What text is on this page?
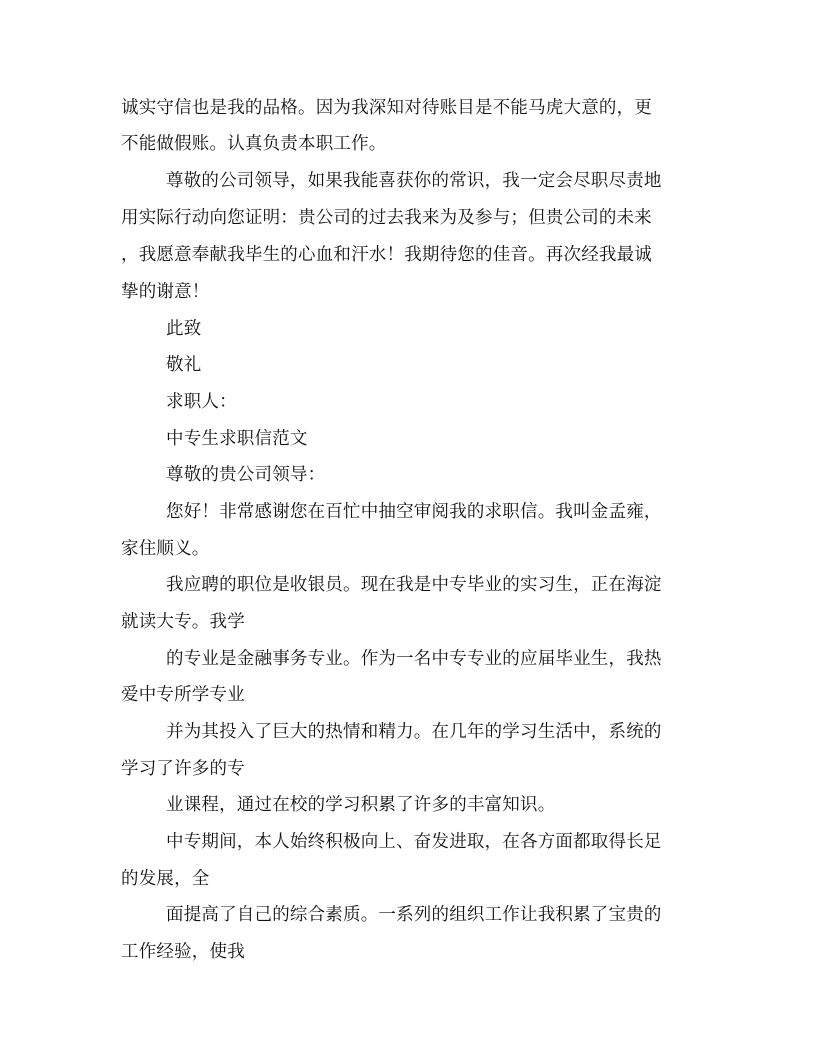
诚实守信也是我的品格。因为我深知对待账目是不能马虎大意的，更
不能做假账。认真负责本职工作。
尊敬的公司领导，如果我能喜获你的常识，我一定会尽职尽责地
用实际行动向您证明：贵公司的过去我来为及参与；但贵公司的未来
，我愿意奉献我毕生的心血和汗水！我期待您的佳音。再次经我最诚
挚的谢意！
此致
敬礼
求职人：
中专生求职信范文
尊敬的贵公司领导：
您好！非常感谢您在百忙中抽空审阅我的求职信。我叫金孟雍，
家住顺义。
我应聘的职位是收银员。现在我是中专毕业的实习生，正在海淀
就读大专。我学
的专业是金融事务专业。作为一名中专专业的应届毕业生，我热
爱中专所学专业
并为其投入了巨大的热情和精力。在几年的学习生活中，系统的
学习了许多的专
业课程，通过在校的学习积累了许多的丰富知识。
中专期间，本人始终积极向上、奋发进取，在各方面都取得长足
的发展，全
面提高了自己的综合素质。一系列的组织工作让我积累了宝贵的
工作经验，使我
